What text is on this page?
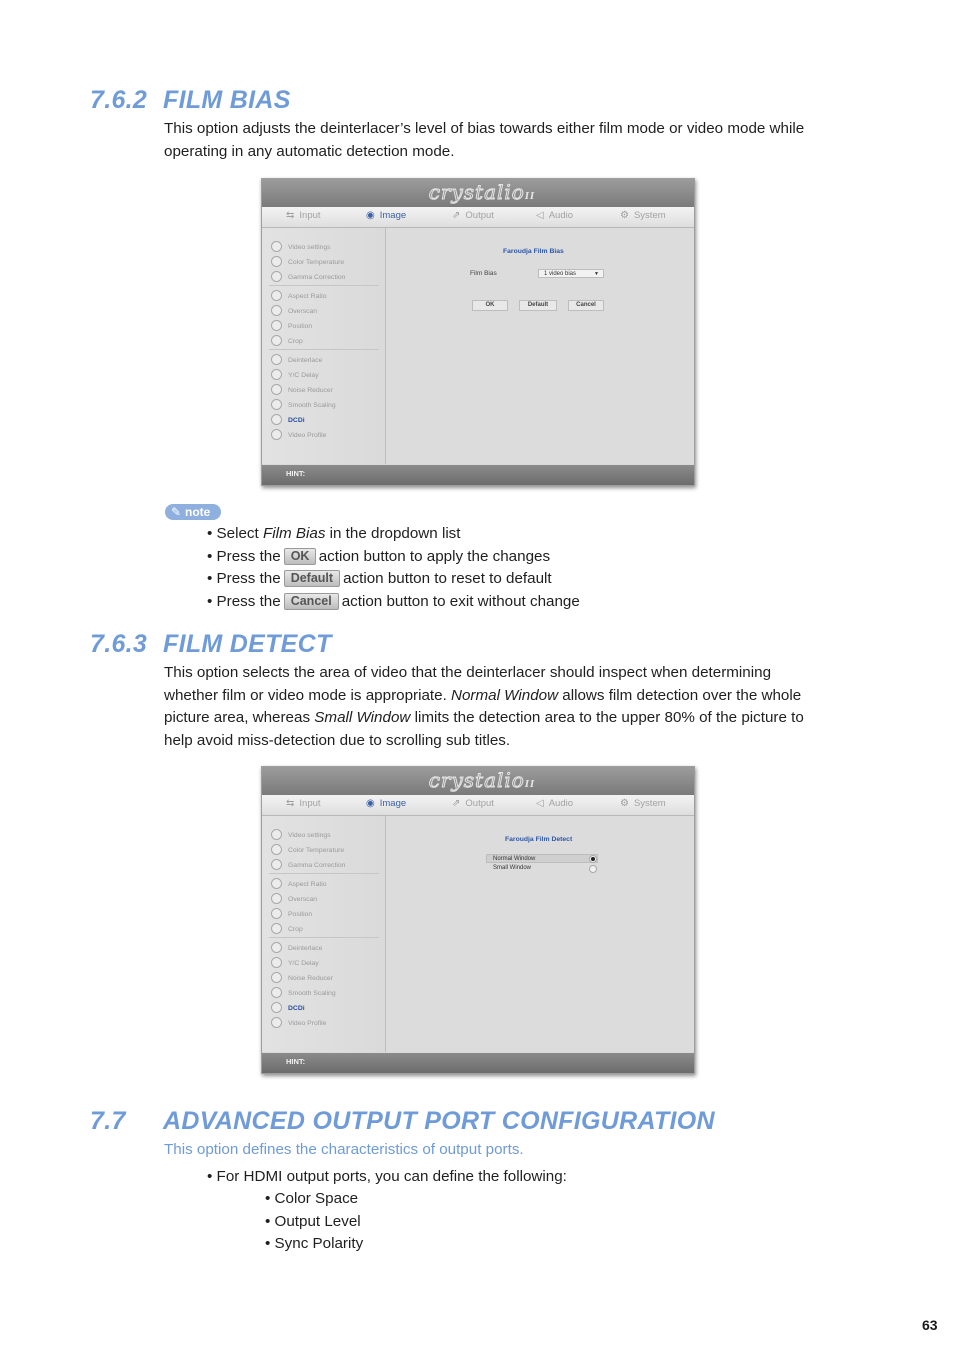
7.6.2 FILM BIAS
This option adjusts the deinterlacer’s level of bias towards either film mode or video mode while
operating in any automatic detection mode.
crystalioII
⇆ Input	◉ Image	⇗ Output	◁ Audio	⚙ System
Video settings
Color Temperature
Gamma Correction
Aspect Ratio
Overscan
Position
Crop
Deinterlace
Y/C Delay
Noise Reducer
Smooth Scaling
DCDi
Video Profile
Faroudja Film Bias
Film Bias	1 video bias	▼
OK	Default	Cancel
HINT:
✎ note
• Select Film Bias in the dropdown list
• Press the OK action button to apply the changes
• Press the Default action button to reset to default
• Press the Cancel action button to exit without change
7.6.3 FILM DETECT
This option selects the area of video that the deinterlacer should inspect when determining
whether film or video mode is appropriate. Normal Window allows film detection over the whole
picture area, whereas Small Window limits the detection area to the upper 80% of the picture to
help avoid miss-detection due to scrolling sub titles.
crystalioII
⇆ Input	◉ Image	⇗ Output	◁ Audio	⚙ System
Video settings
Color Temperature
Gamma Correction
Aspect Ratio
Overscan
Position
Crop
Deinterlace
Y/C Delay
Noise Reducer
Smooth Scaling
DCDi
Video Profile
Faroudja Film Detect
Normal Window
Small Window
HINT:
7.7 ADVANCED OUTPUT PORT CONFIGURATION
This option defines the characteristics of output ports.
• For HDMI output ports, you can define the following:
• Color Space
• Output Level
• Sync Polarity
63
